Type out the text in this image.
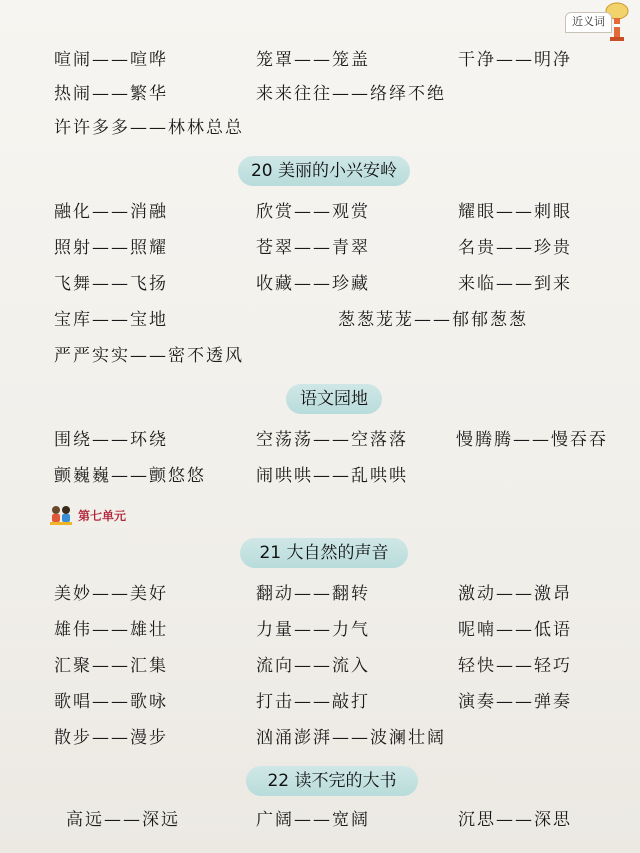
近义词
喧闹——喧哗	笼罩——笼盖	干净——明净
热闹——繁华	来来往往——络绎不绝
许许多多——林林总总
20 美丽的小兴安岭
融化——消融	欣赏——观赏	耀眼——刺眼
照射——照耀	苍翠——青翠	名贵——珍贵
飞舞——飞扬	收藏——珍藏	来临——到来
宝库——宝地	葱葱茏茏——郁郁葱葱
严严实实——密不透风
语文园地
围绕——环绕	空荡荡——空落落	慢腾腾——慢吞吞
颤巍巍——颤悠悠	闹哄哄——乱哄哄
第七单元
21 大自然的声音
美妙——美好	翻动——翻转	激动——激昂
雄伟——雄壮	力量——力气	呢喃——低语
汇聚——汇集	流向——流入	轻快——轻巧
歌唱——歌咏	打击——敲打	演奏——弹奏
散步——漫步	汹涌澎湃——波澜壮阔
22 读不完的大书
高远——深远	广阔——宽阔	沉思——深思
